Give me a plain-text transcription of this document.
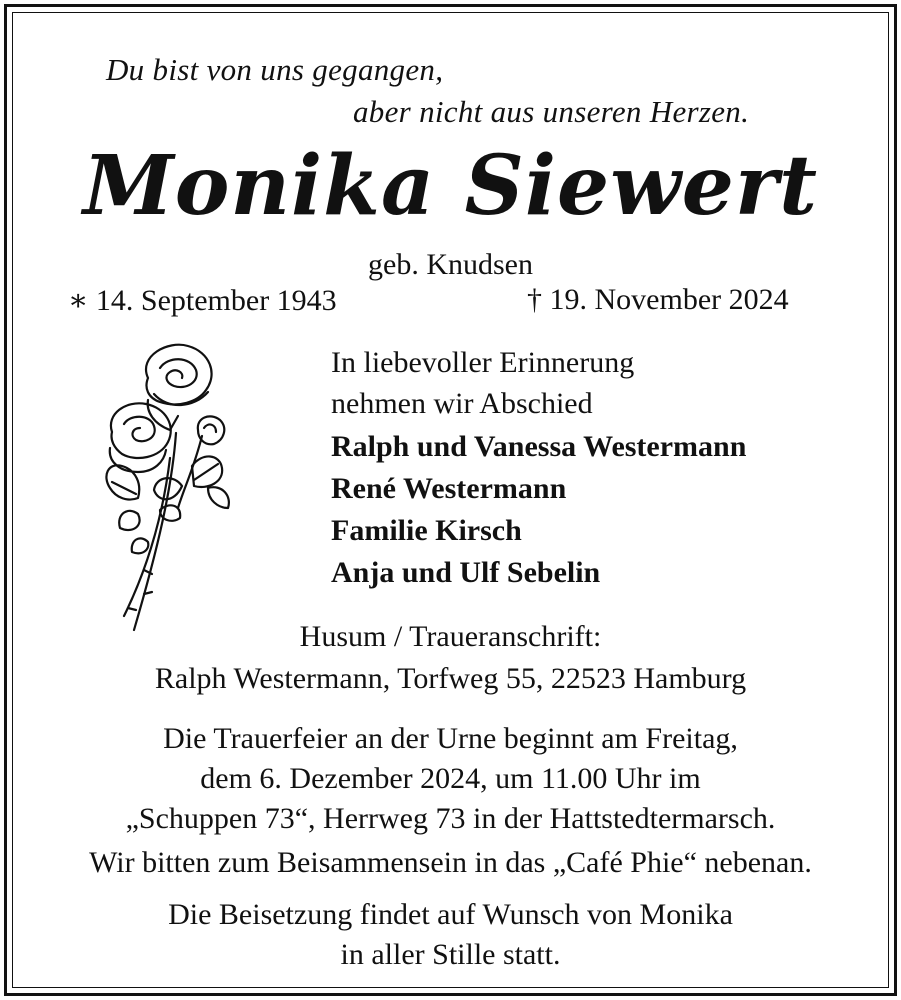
Du bist von uns gegangen,
aber nicht aus unseren Herzen.
Monika Siewert
geb. Knudsen
∗ 14. September 1943	† 19. November 2024
In liebevoller Erinnerung
nehmen wir Abschied
Ralph und Vanessa Westermann
René Westermann
Familie Kirsch
Anja und Ulf Sebelin
Husum / Traueranschrift:
Ralph Westermann, Torfweg 55, 22523 Hamburg
Die Trauerfeier an der Urne beginnt am Freitag,
dem 6. Dezember 2024, um 11.00 Uhr im
„Schuppen 73“, Herrweg 73 in der Hattstedtermarsch.
Wir bitten zum Beisammensein in das „Café Phie“ nebenan.
Die Beisetzung findet auf Wunsch von Monika
in aller Stille statt.
